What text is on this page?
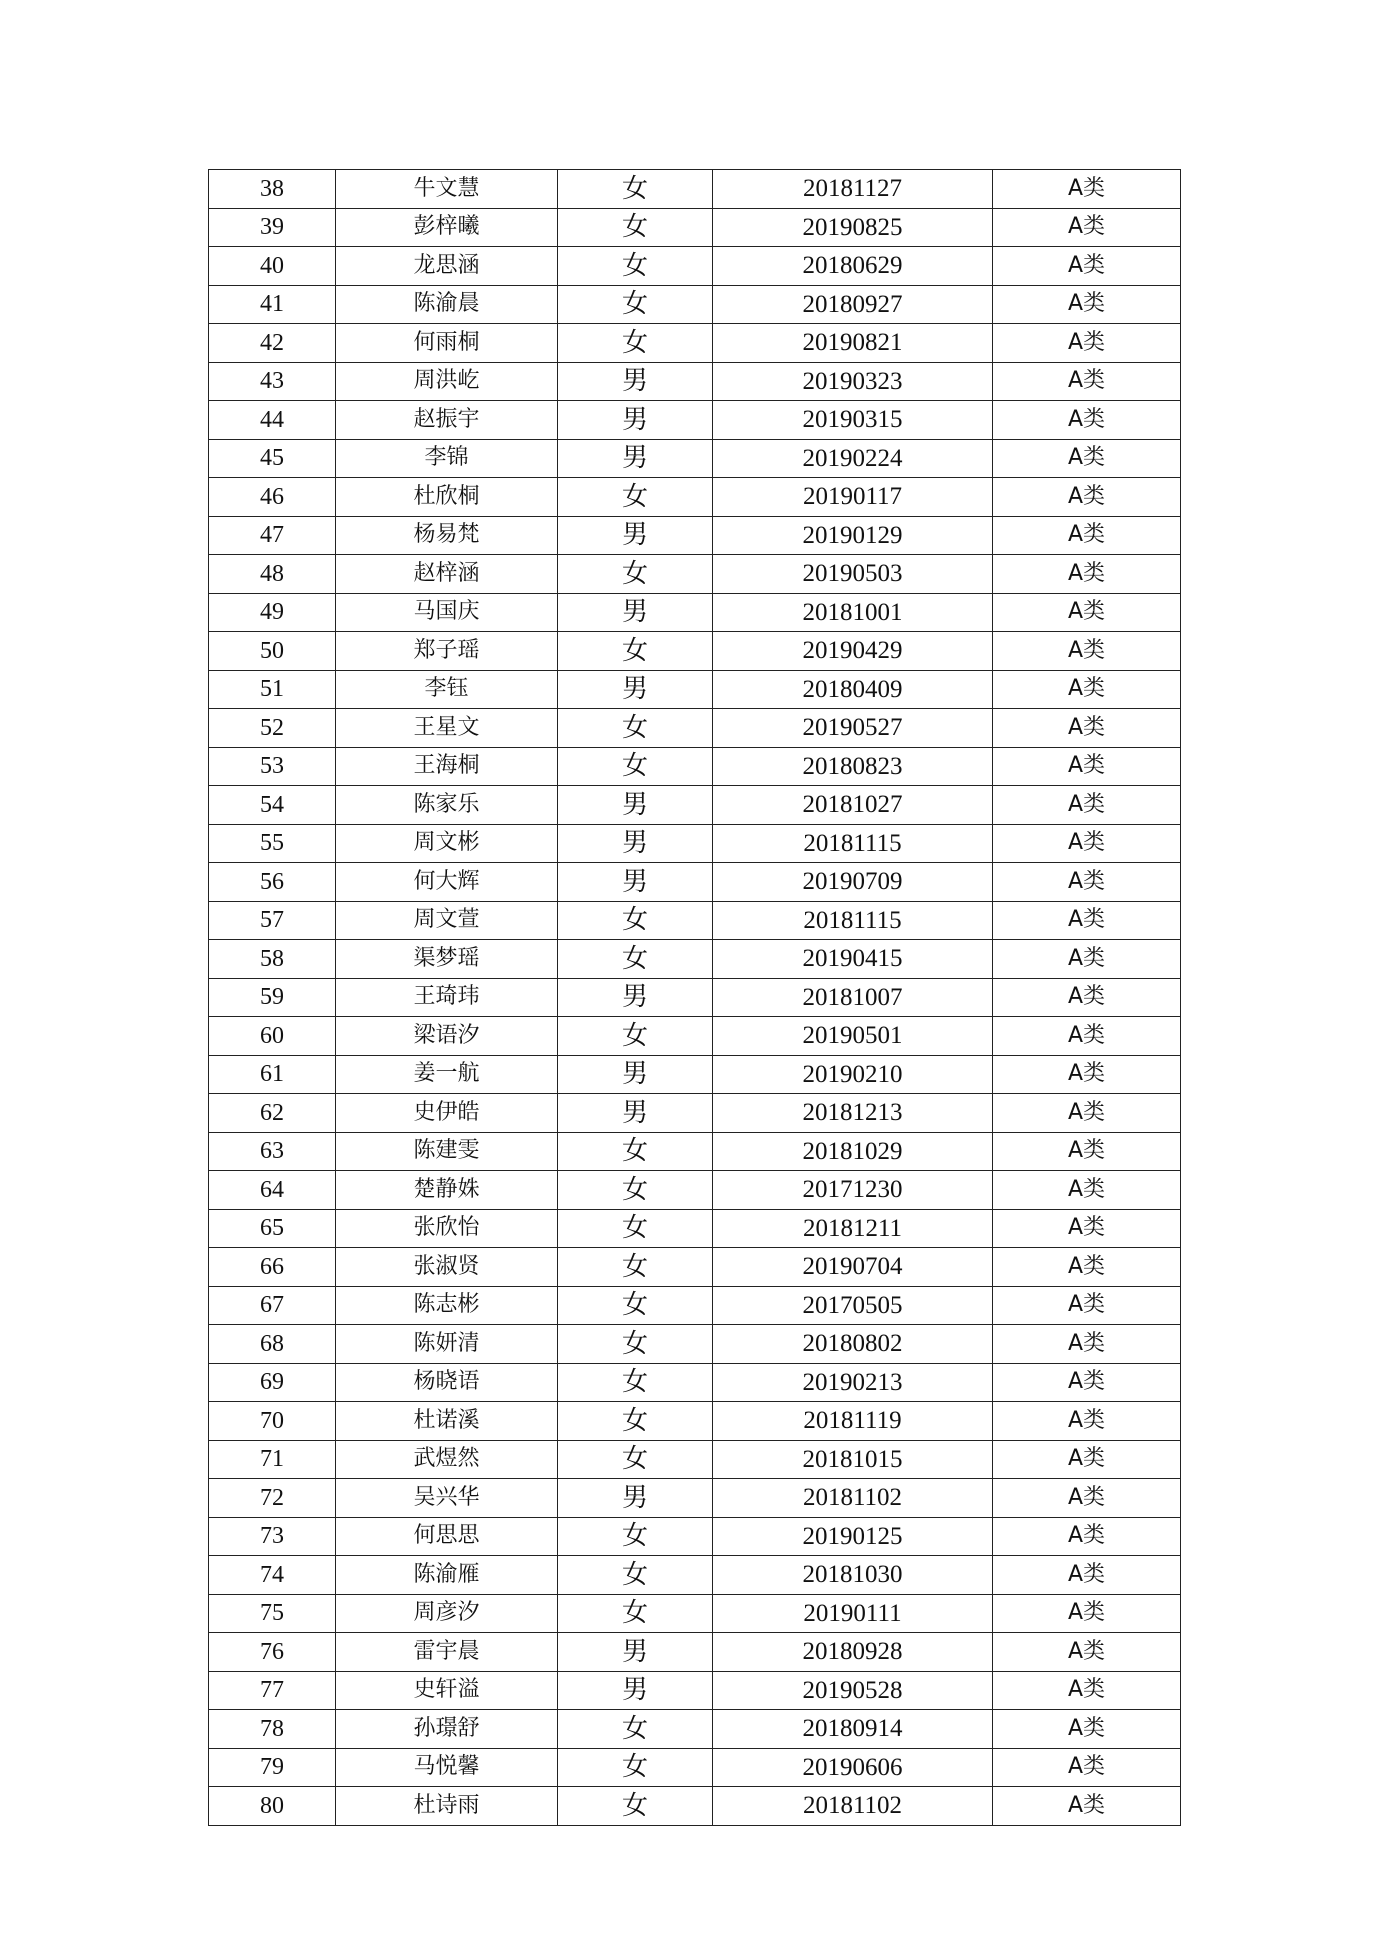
38	牛文慧	女	20181127	A类
39	彭梓曦	女	20190825	A类
40	龙思涵	女	20180629	A类
41	陈渝晨	女	20180927	A类
42	何雨桐	女	20190821	A类
43	周洪屹	男	20190323	A类
44	赵振宇	男	20190315	A类
45	李锦	男	20190224	A类
46	杜欣桐	女	20190117	A类
47	杨易梵	男	20190129	A类
48	赵梓涵	女	20190503	A类
49	马国庆	男	20181001	A类
50	郑子瑶	女	20190429	A类
51	李钰	男	20180409	A类
52	王星文	女	20190527	A类
53	王海桐	女	20180823	A类
54	陈家乐	男	20181027	A类
55	周文彬	男	20181115	A类
56	何大辉	男	20190709	A类
57	周文萱	女	20181115	A类
58	渠梦瑶	女	20190415	A类
59	王琦玮	男	20181007	A类
60	梁语汐	女	20190501	A类
61	姜一航	男	20190210	A类
62	史伊皓	男	20181213	A类
63	陈建雯	女	20181029	A类
64	楚静姝	女	20171230	A类
65	张欣怡	女	20181211	A类
66	张淑贤	女	20190704	A类
67	陈志彬	女	20170505	A类
68	陈妍清	女	20180802	A类
69	杨晓语	女	20190213	A类
70	杜诺溪	女	20181119	A类
71	武煜然	女	20181015	A类
72	吴兴华	男	20181102	A类
73	何思思	女	20190125	A类
74	陈渝雁	女	20181030	A类
75	周彦汐	女	20190111	A类
76	雷宇晨	男	20180928	A类
77	史轩溢	男	20190528	A类
78	孙璟舒	女	20180914	A类
79	马悦馨	女	20190606	A类
80	杜诗雨	女	20181102	A类
